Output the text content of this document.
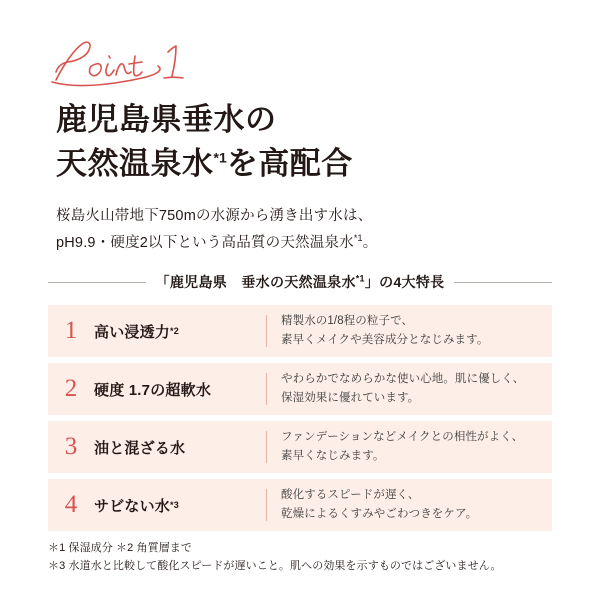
鹿児島県垂水の
天然温泉水$^{*1}$を高配合
桜島火山帯地下750mの水源から湧き出す水は、
pH9.9・硬度2以下という高品質の天然温泉水$^{*1}$。
「鹿児島県　垂水の天然温泉水$^{*1}$」の4大特長
1	高い浸透力 *2
精製水の1/8程の粒子で、
素早くメイクや美容成分となじみます。
2	硬度 1.7の超軟水
やわらかでなめらかな使い心地。肌に優しく、
保湿効果に優れています。
3	油と混ざる水
ファンデーションなどメイクとの相性がよく、
素早くなじみます。
4	サビない水 *3
酸化するスピードが遅く、
乾燥によるくすみやごわつきをケア。
＊1 保湿成分 ＊2 角質層まで
＊3 水道水と比較して酸化スピードが遅いこと。肌への効果を示すものではございません。
